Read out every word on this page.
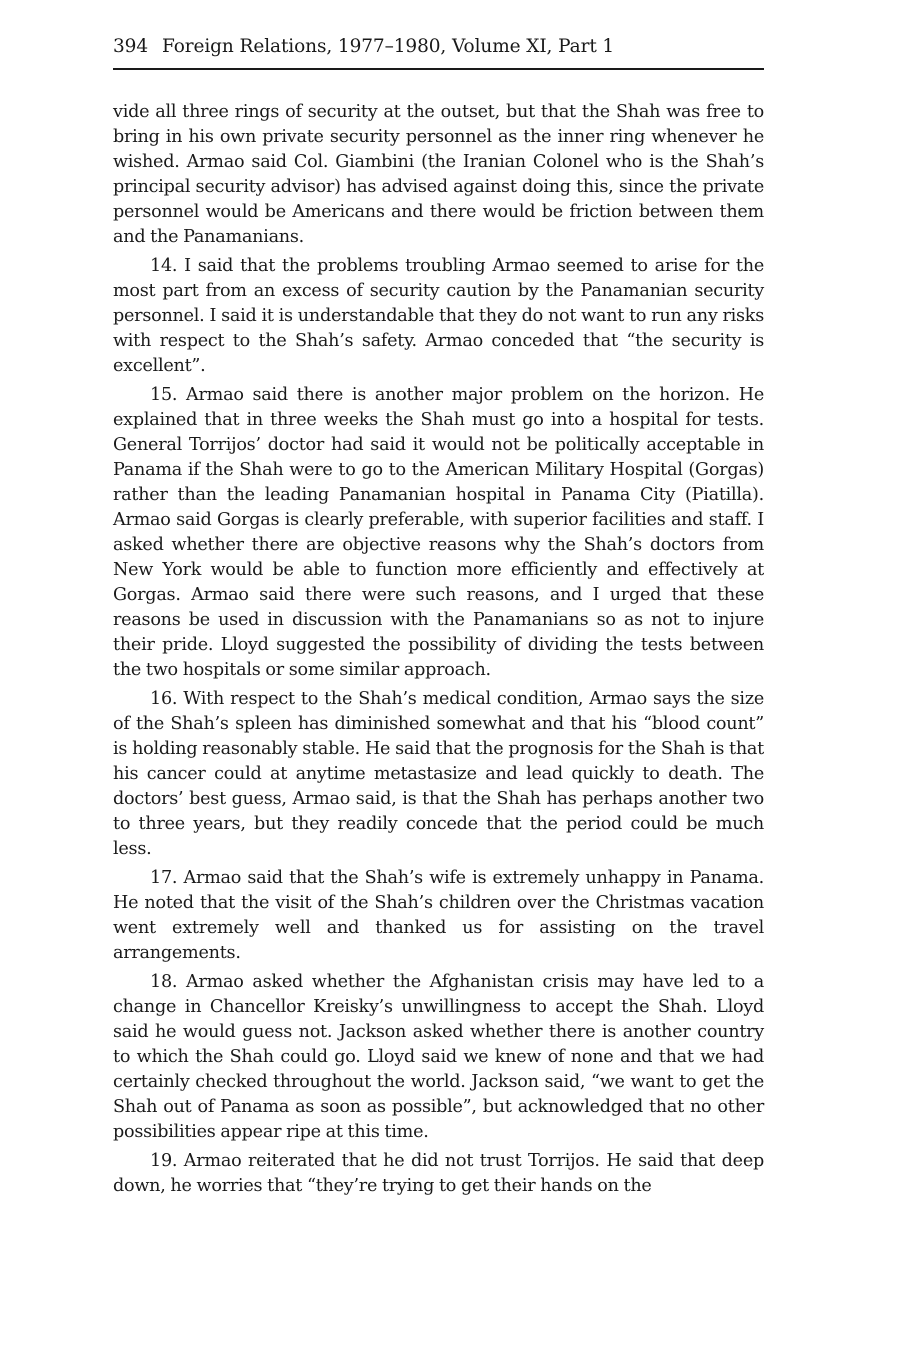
394 Foreign Relations, 1977–1980, Volume XI, Part 1

vide all three rings of security at the outset, but that the Shah was free to bring in his own private security personnel as the inner ring whenever he wished. Armao said Col. Giambini (the Iranian Colonel who is the Shah’s principal security advisor) has advised against doing this, since the private personnel would be Americans and there would be friction between them and the Panamanians.

14. I said that the problems troubling Armao seemed to arise for the most part from an excess of security caution by the Panamanian security personnel. I said it is understandable that they do not want to run any risks with respect to the Shah’s safety. Armao conceded that “the security is excellent”.

15. Armao said there is another major problem on the horizon. He explained that in three weeks the Shah must go into a hospital for tests. General Torrijos’ doctor had said it would not be politically acceptable in Panama if the Shah were to go to the American Military Hospital (Gorgas) rather than the leading Panamanian hospital in Panama City (Piatilla). Armao said Gorgas is clearly preferable, with superior facilities and staff. I asked whether there are objective reasons why the Shah’s doctors from New York would be able to function more efficiently and effectively at Gorgas. Armao said there were such reasons, and I urged that these reasons be used in discussion with the Panamanians so as not to injure their pride. Lloyd suggested the possibility of dividing the tests between the two hospitals or some similar approach.

16. With respect to the Shah’s medical condition, Armao says the size of the Shah’s spleen has diminished somewhat and that his “blood count” is holding reasonably stable. He said that the prognosis for the Shah is that his cancer could at anytime metastasize and lead quickly to death. The doctors’ best guess, Armao said, is that the Shah has perhaps another two to three years, but they readily concede that the period could be much less.

17. Armao said that the Shah’s wife is extremely unhappy in Panama. He noted that the visit of the Shah’s children over the Christmas vacation went extremely well and thanked us for assisting on the travel arrangements.

18. Armao asked whether the Afghanistan crisis may have led to a change in Chancellor Kreisky’s unwillingness to accept the Shah. Lloyd said he would guess not. Jackson asked whether there is another country to which the Shah could go. Lloyd said we knew of none and that we had certainly checked throughout the world. Jackson said, “we want to get the Shah out of Panama as soon as possible”, but acknowledged that no other possibilities appear ripe at this time.

19. Armao reiterated that he did not trust Torrijos. He said that deep down, he worries that “they’re trying to get their hands on the
